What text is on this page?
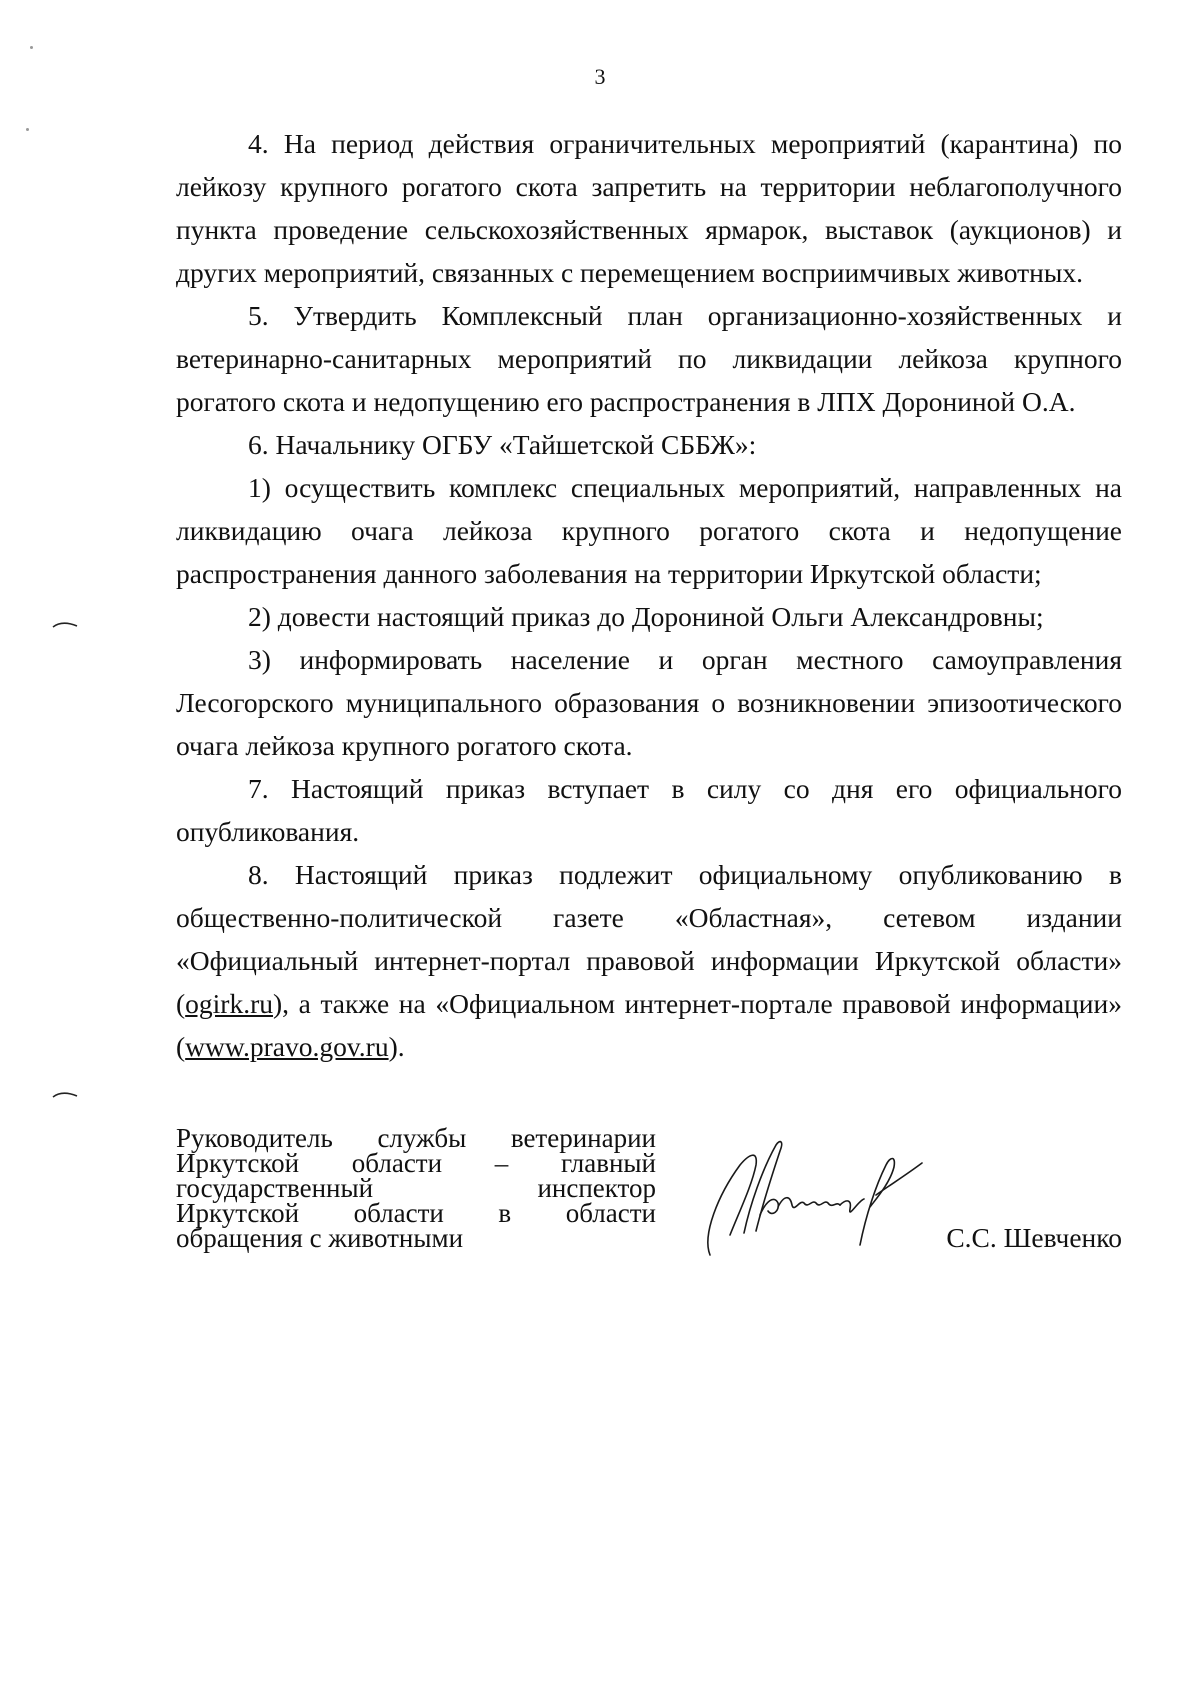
3

4. На период действия ограничительных мероприятий (карантина) по лейкозу крупного рогатого скота запретить на территории неблагополучного пункта проведение сельскохозяйственных ярмарок, выставок (аукционов) и других мероприятий, связанных с перемещением восприимчивых животных.

5. Утвердить Комплексный план организационно-хозяйственных и ветеринарно-санитарных мероприятий по ликвидации лейкоза крупного рогатого скота и недопущению его распространения в ЛПХ Дорониной О.А.

6. Начальнику ОГБУ «Тайшетской СББЖ»:

1) осуществить комплекс специальных мероприятий, направленных на ликвидацию очага лейкоза крупного рогатого скота и недопущение распространения данного заболевания на территории Иркутской области;

2) довести настоящий приказ до Дорониной Ольги Александровны;

3) информировать население и орган местного самоуправления Лесогорского муниципального образования о возникновении эпизоотического очага лейкоза крупного рогатого скота.

7. Настоящий приказ вступает в силу со дня его официального опубликования.

8. Настоящий приказ подлежит официальному опубликованию в общественно-политической газете «Областная», сетевом издании «Официальный интернет-портал правовой информации Иркутской области» (ogirk.ru), а также на «Официальном интернет-портале правовой информации» (www.pravo.gov.ru).

Руководитель службы ветеринарии
Иркутской области – главный
государственный инспектор
Иркутской области в области
обращения с животными	С.С. Шевченко
